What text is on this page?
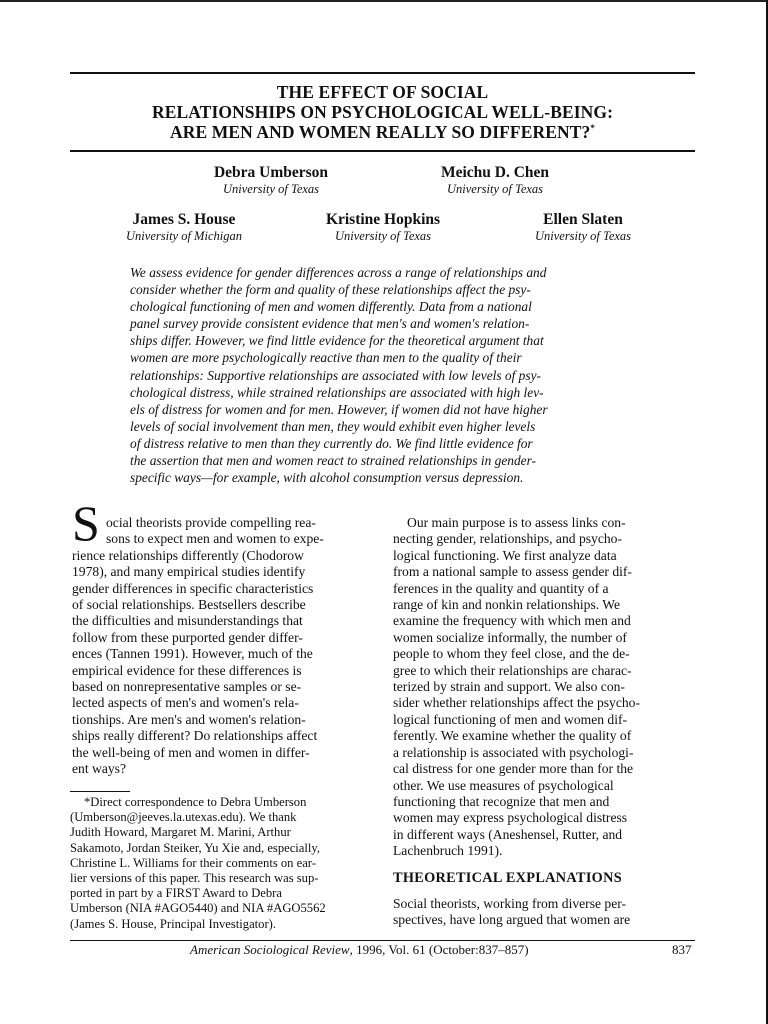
THE EFFECT OF SOCIAL
RELATIONSHIPS ON PSYCHOLOGICAL WELL-BEING:
ARE MEN AND WOMEN REALLY SO DIFFERENT?*
Debra Umberson
University of Texas
Meichu D. Chen
University of Texas
James S. House
University of Michigan
Kristine Hopkins
University of Texas
Ellen Slaten
University of Texas
We assess evidence for gender differences across a range of relationships and
consider whether the form and quality of these relationships affect the psy-
chological functioning of men and women differently. Data from a national
panel survey provide consistent evidence that men's and women's relation-
ships differ. However, we find little evidence for the theoretical argument that
women are more psychologically reactive than men to the quality of their
relationships: Supportive relationships are associated with low levels of psy-
chological distress, while strained relationships are associated with high lev-
els of distress for women and for men. However, if women did not have higher
levels of social involvement than men, they would exhibit even higher levels
of distress relative to men than they currently do. We find little evidence for
the assertion that men and women react to strained relationships in gender-
specific ways—for example, with alcohol consumption versus depression.
S ocial theorists provide compelling rea-
sons to expect men and women to expe-
rience relationships differently (Chodorow
1978), and many empirical studies identify
gender differences in specific characteristics
of social relationships. Bestsellers describe
the difficulties and misunderstandings that
follow from these purported gender differ-
ences (Tannen 1991). However, much of the
empirical evidence for these differences is
based on nonrepresentative samples or se-
lected aspects of men's and women's rela-
tionships. Are men's and women's relation-
ships really different? Do relationships affect
the well-being of men and women in differ-
ent ways?
*Direct correspondence to Debra Umberson
(Umberson@jeeves.la.utexas.edu). We thank
Judith Howard, Margaret M. Marini, Arthur
Sakamoto, Jordan Steiker, Yu Xie and, especially,
Christine L. Williams for their comments on ear-
lier versions of this paper. This research was sup-
ported in part by a FIRST Award to Debra
Umberson (NIA #AGO5440) and NIA #AGO5562
(James S. House, Principal Investigator).
Our main purpose is to assess links con-
necting gender, relationships, and psycho-
logical functioning. We first analyze data
from a national sample to assess gender dif-
ferences in the quality and quantity of a
range of kin and nonkin relationships. We
examine the frequency with which men and
women socialize informally, the number of
people to whom they feel close, and the de-
gree to which their relationships are charac-
terized by strain and support. We also con-
sider whether relationships affect the psycho-
logical functioning of men and women dif-
ferently. We examine whether the quality of
a relationship is associated with psychologi-
cal distress for one gender more than for the
other. We use measures of psychological
functioning that recognize that men and
women may express psychological distress
in different ways (Aneshensel, Rutter, and
Lachenbruch 1991).
THEORETICAL EXPLANATIONS
Social theorists, working from diverse per-
spectives, have long argued that women are
American Sociological Review, 1996, Vol. 61 (October:837–857)	837
